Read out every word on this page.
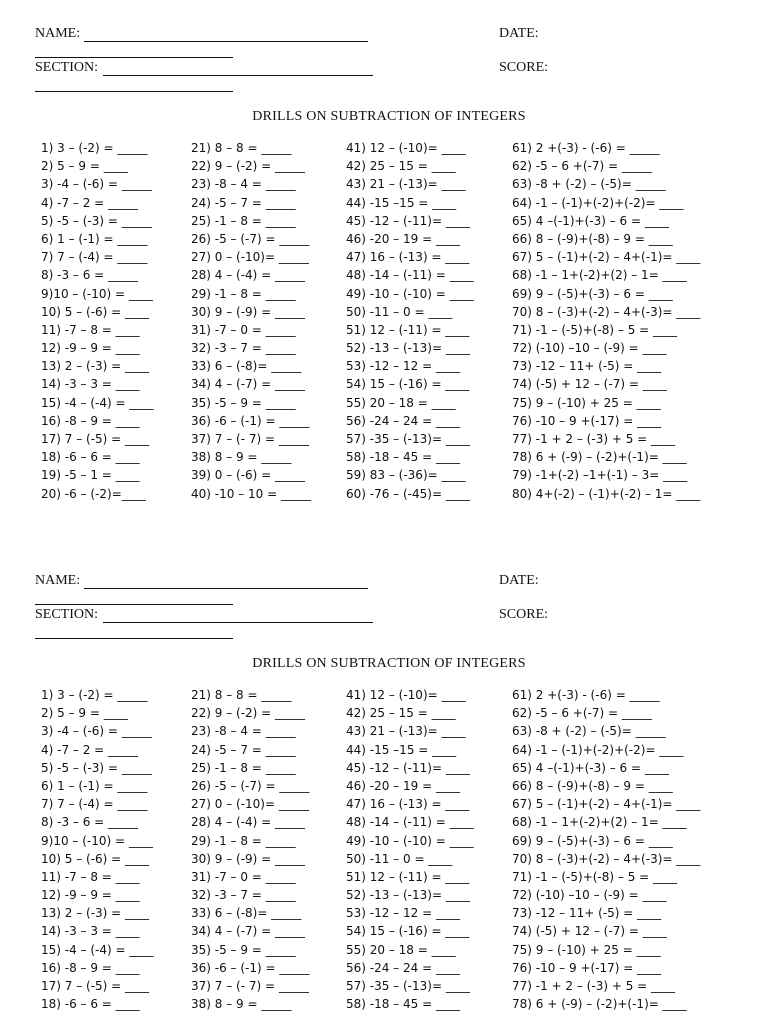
NAME:	DATE:
SECTION:	SCORE:
DRILLS ON SUBTRACTION OF INTEGERS
1) 3 – (-2) = _____
2) 5 – 9 = ____
3) -4 – (-6) = _____
4) -7 – 2 = _____
5) -5 – (-3) = _____
6) 1 – (-1) = _____
7) 7 – (-4) = _____
8) -3 – 6 = _____
9)10 – (-10) = ____
10) 5 – (-6) = ____
11) -7 – 8 = ____
12) -9 – 9 = ____
13) 2 – (-3) = ____
14) -3 – 3 = ____
15) -4 – (-4) = ____
16) -8 – 9 = ____
17) 7 – (-5) = ____
18) -6 – 6 = ____
19) -5 – 1 = ____
20) -6 – (-2)=____
21) 8 – 8 = _____
22) 9 – (-2) = _____
23) -8 – 4 = _____
24) -5 – 7 = _____
25) -1 – 8 = _____
26) -5 – (-7) = _____
27) 0 – (-10)= _____
28) 4 – (-4) = _____
29) -1 – 8 = _____
30) 9 – (-9) = _____
31) -7 – 0 = _____
32) -3 – 7 = _____
33) 6 – (-8)= _____
34) 4 – (-7) = _____
35) -5 – 9 = _____
36) -6 – (-1) = _____
37) 7 – (- 7) = _____
38) 8 – 9 = _____
39) 0 – (-6) = _____
40) -10 – 10 = _____
41) 12 – (-10)= ____
42) 25 – 15 = ____
43) 21 – (-13)= ____
44) -15 –15 = ____
45) -12 – (-11)= ____
46) -20 – 19 = ____
47) 16 – (-13) = ____
48) -14 – (-11) = ____
49) -10 – (-10) = ____
50) -11 – 0 = ____
51) 12 – (-11) = ____
52) -13 – (-13)= ____
53) -12 – 12 = ____
54) 15 – (-16) = ____
55) 20 – 18 = ____
56) -24 – 24 = ____
57) -35 – (-13)= ____
58) -18 – 45 = ____
59) 83 – (-36)= ____
60) -76 – (-45)= ____
61) 2 +(-3) - (-6) = _____
62) -5 – 6 +(-7) = _____
63) -8 + (-2) – (-5)= _____
64) -1 – (-1)+(-2)+(-2)= ____
65) 4 –(-1)+(-3) – 6 = ____
66) 8 – (-9)+(-8) – 9 = ____
67) 5 – (-1)+(-2) – 4+(-1)= ____
68) -1 – 1+(-2)+(2) – 1= ____
69) 9 – (-5)+(-3) – 6 = ____
70) 8 – (-3)+(-2) – 4+(-3)= ____
71) -1 – (-5)+(-8) – 5 = ____
72) (-10) –10 – (-9) = ____
73) -12 – 11+ (-5) = ____
74) (-5) + 12 – (-7) = ____
75) 9 – (-10) + 25 = ____
76) -10 – 9 +(-17) = ____
77) -1 + 2 – (-3) + 5 = ____
78) 6 + (-9) – (-2)+(-1)= ____
79) -1+(-2) –1+(-1) – 3= ____
80) 4+(-2) – (-1)+(-2) – 1= ____
NAME:	DATE:
SECTION:	SCORE:
DRILLS ON SUBTRACTION OF INTEGERS
1) 3 – (-2) = _____
2) 5 – 9 = ____
3) -4 – (-6) = _____
4) -7 – 2 = _____
5) -5 – (-3) = _____
6) 1 – (-1) = _____
7) 7 – (-4) = _____
8) -3 – 6 = _____
9)10 – (-10) = ____
10) 5 – (-6) = ____
11) -7 – 8 = ____
12) -9 – 9 = ____
13) 2 – (-3) = ____
14) -3 – 3 = ____
15) -4 – (-4) = ____
16) -8 – 9 = ____
17) 7 – (-5) = ____
18) -6 – 6 = ____
21) 8 – 8 = _____
22) 9 – (-2) = _____
23) -8 – 4 = _____
24) -5 – 7 = _____
25) -1 – 8 = _____
26) -5 – (-7) = _____
27) 0 – (-10)= _____
28) 4 – (-4) = _____
29) -1 – 8 = _____
30) 9 – (-9) = _____
31) -7 – 0 = _____
32) -3 – 7 = _____
33) 6 – (-8)= _____
34) 4 – (-7) = _____
35) -5 – 9 = _____
36) -6 – (-1) = _____
37) 7 – (- 7) = _____
38) 8 – 9 = _____
41) 12 – (-10)= ____
42) 25 – 15 = ____
43) 21 – (-13)= ____
44) -15 –15 = ____
45) -12 – (-11)= ____
46) -20 – 19 = ____
47) 16 – (-13) = ____
48) -14 – (-11) = ____
49) -10 – (-10) = ____
50) -11 – 0 = ____
51) 12 – (-11) = ____
52) -13 – (-13)= ____
53) -12 – 12 = ____
54) 15 – (-16) = ____
55) 20 – 18 = ____
56) -24 – 24 = ____
57) -35 – (-13)= ____
58) -18 – 45 = ____
61) 2 +(-3) - (-6) = _____
62) -5 – 6 +(-7) = _____
63) -8 + (-2) – (-5)= _____
64) -1 – (-1)+(-2)+(-2)= ____
65) 4 –(-1)+(-3) – 6 = ____
66) 8 – (-9)+(-8) – 9 = ____
67) 5 – (-1)+(-2) – 4+(-1)= ____
68) -1 – 1+(-2)+(2) – 1= ____
69) 9 – (-5)+(-3) – 6 = ____
70) 8 – (-3)+(-2) – 4+(-3)= ____
71) -1 – (-5)+(-8) – 5 = ____
72) (-10) –10 – (-9) = ____
73) -12 – 11+ (-5) = ____
74) (-5) + 12 – (-7) = ____
75) 9 – (-10) + 25 = ____
76) -10 – 9 +(-17) = ____
77) -1 + 2 – (-3) + 5 = ____
78) 6 + (-9) – (-2)+(-1)= ____
